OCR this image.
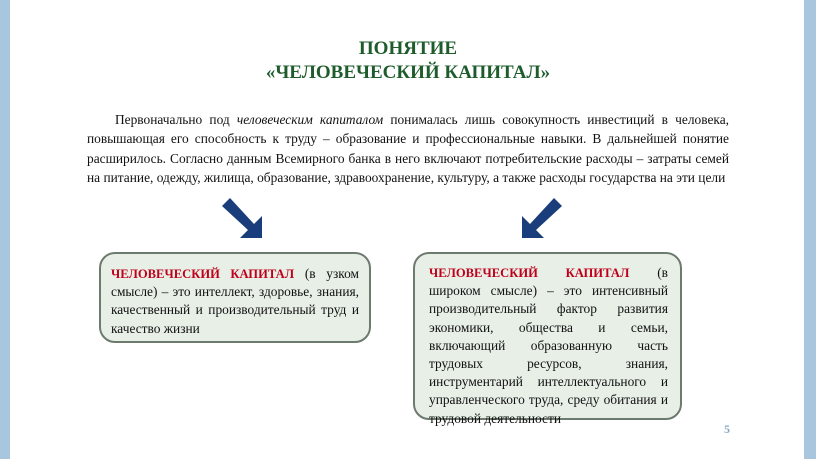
ПОНЯТИЕ
«ЧЕЛОВЕЧЕСКИЙ КАПИТАЛ»
Первоначально под человеческим капиталом понималась лишь совокупность инвестиций в человека, повышающая его способность к труду – образование и профессиональные навыки. В дальнейшей понятие расширилось. Согласно данным Всемирного банка в него включают потребительские расходы – затраты семей на питание, одежду, жилища, образование, здравоохранение, культуру, а также расходы государства на эти цели
ЧЕЛОВЕЧЕСКИЙ КАПИТАЛ (в узком смысле) – это интеллект, здоровье, знания, качественный и производительный труд и качество жизни
ЧЕЛОВЕЧЕСКИЙ КАПИТАЛ (в широком смысле) – это интенсивный производительный фактор развития экономики, общества и семьи, включающий образованную часть трудовых ресурсов, знания, инструментарий интеллектуального и управленческого труда, среду обитания и трудовой деятельности
5
